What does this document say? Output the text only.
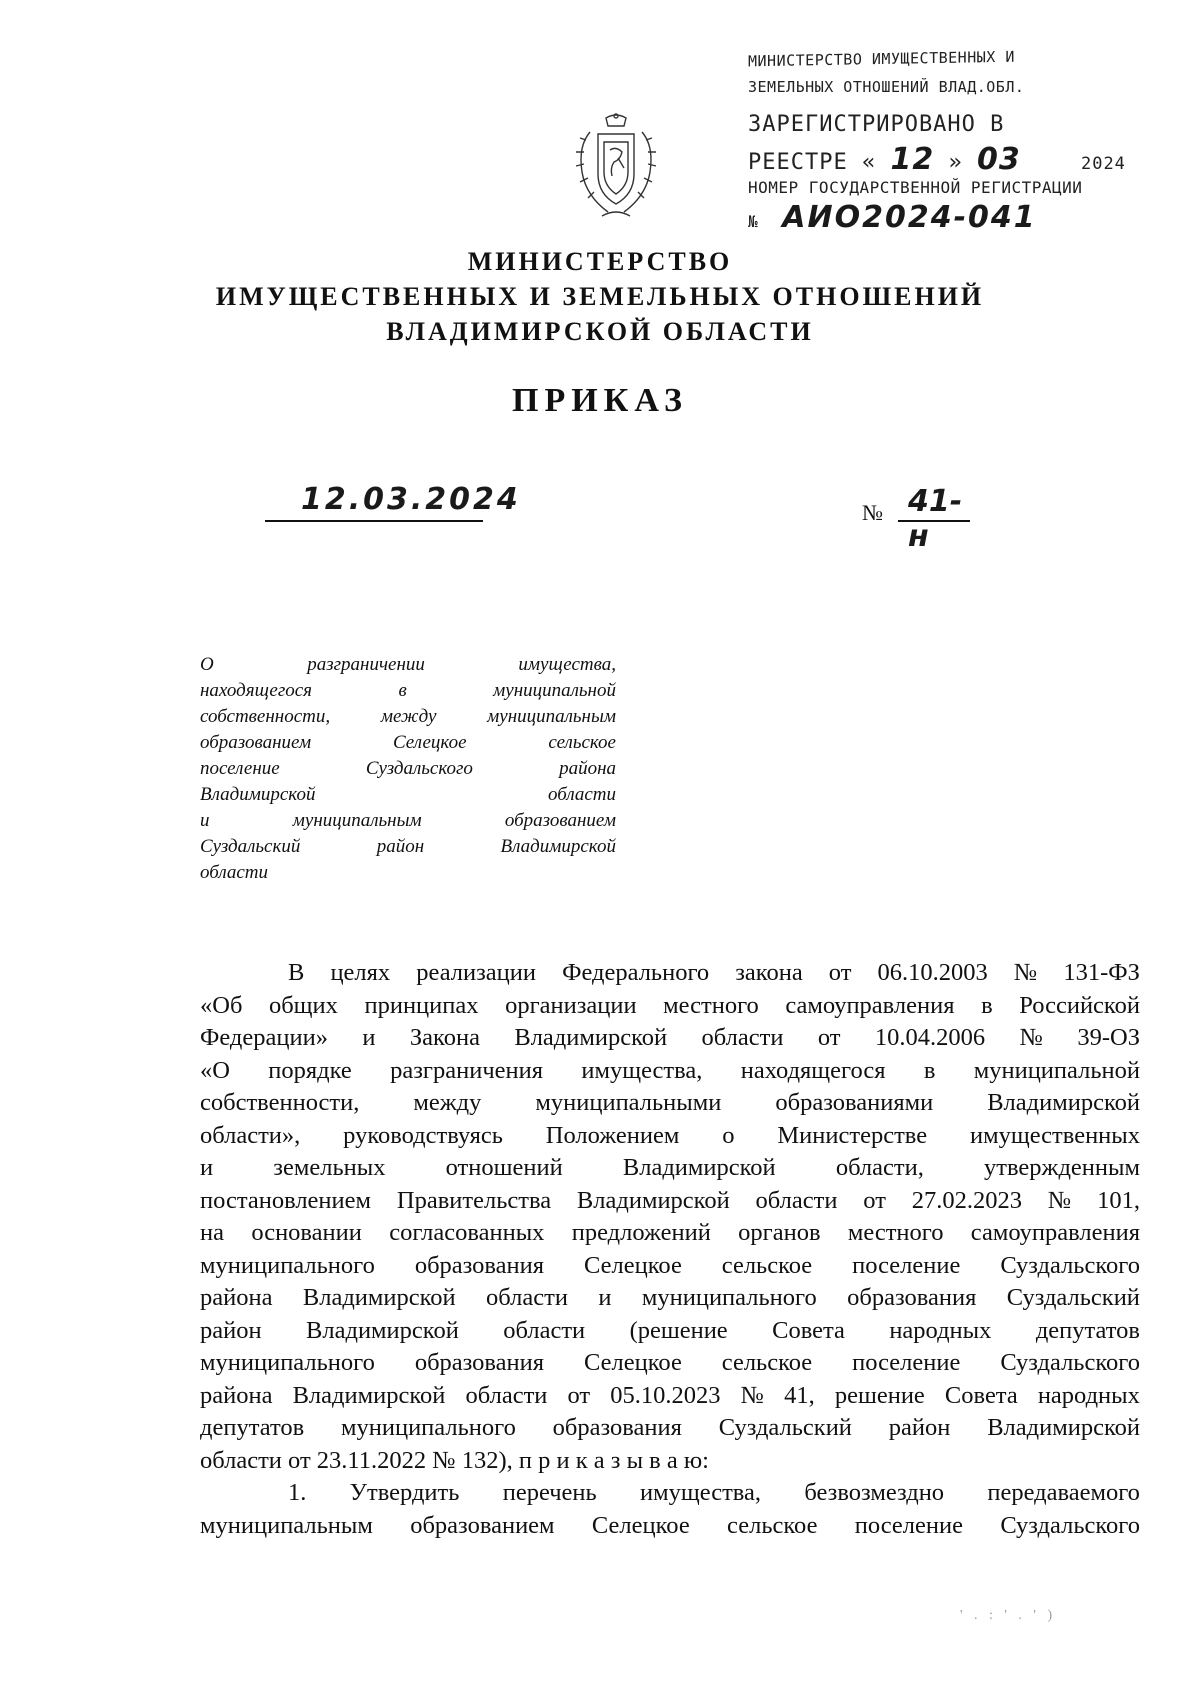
МИНИСТЕРСТВО ИМУЩЕСТВЕННЫХ И
ЗЕМЕЛЬНЫХ ОТНОШЕНИЙ ВЛАД.ОБЛ.
ЗАРЕГИСТРИРОВАНО В
РЕЕСТРЕ « 12 » 03	2024
НОМЕР ГОСУДАРСТВЕННОЙ РЕГИСТРАЦИИ
№ АИО2024-041
МИНИСТЕРСТВО
ИМУЩЕСТВЕННЫХ И ЗЕМЕЛЬНЫХ ОТНОШЕНИЙ
ВЛАДИМИРСКОЙ ОБЛАСТИ
ПРИКАЗ
12.03.2024	№ 41-н
О	разграничении	имущества,
находящегося	в	муниципальной
собственности,	между	муниципальным
образованием	Селецкое	сельское
поселение	Суздальского	района
Владимирской	области
и	муниципальным	образованием
Суздальский	район	Владимирской
области
В целях реализации Федерального закона от 06.10.2003 № 131-ФЗ
«Об общих принципах организации местного самоуправления в Российской
Федерации» и Закона Владимирской области от 10.04.2006 № 39-ОЗ
«О порядке разграничения имущества, находящегося в муниципальной
собственности, между муниципальными образованиями Владимирской
области», руководствуясь Положением о Министерстве имущественных
и земельных отношений Владимирской области, утвержденным
постановлением Правительства Владимирской области от 27.02.2023 № 101,
на основании согласованных предложений органов местного самоуправления
муниципального образования Селецкое сельское поселение Суздальского
района Владимирской области и муниципального образования Суздальский
район Владимирской области (решение Совета народных депутатов
муниципального образования Селецкое сельское поселение Суздальского
района Владимирской области от 05.10.2023 № 41, решение Совета народных
депутатов муниципального образования Суздальский район Владимирской
области от 23.11.2022 № 132), п р и к а з ы в а ю:
1. Утвердить перечень имущества, безвозмездно передаваемого
муниципальным образованием Селецкое сельское поселение Суздальского
' . : ' . ' )
